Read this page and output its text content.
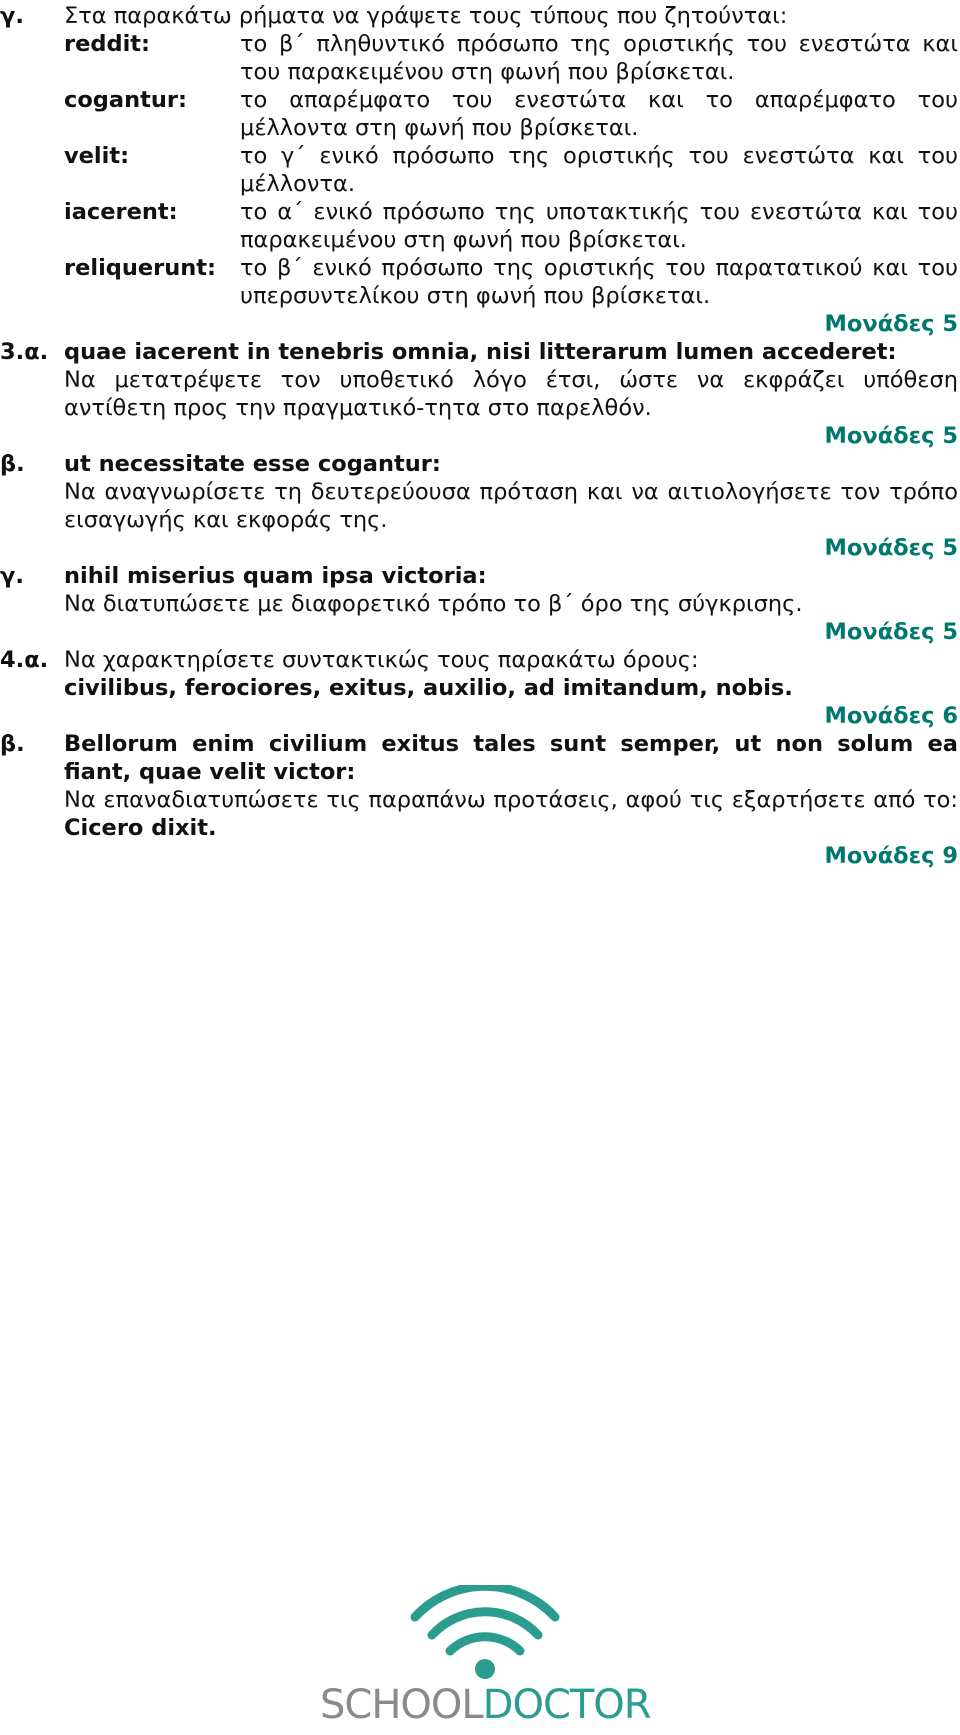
γ. Στα παρακάτω ρήματα να γράψετε τους τύπους που ζητούνται:
reddit:	το β΄ πληθυντικό πρόσωπο της οριστικής του ενεστώτα και
του παρακειμένου στη φωνή που βρίσκεται.
cogantur: το απαρέμφατο του ενεστώτα και το απαρέμφατο του
μέλλοντα στη φωνή που βρίσκεται.
velit:	το γ΄ ενικό πρόσωπο της οριστικής του ενεστώτα και του
μέλλοντα.
iacerent:	το α΄ ενικό πρόσωπο της υποτακτικής του ενεστώτα και του
παρακειμένου στη φωνή που βρίσκεται.
reliquerunt: το β΄ ενικό πρόσωπο της οριστικής του παρατατικού και του
υπερσυντελίκου στη φωνή που βρίσκεται.
Μονάδες 5
3.α. quae iacerent in tenebris omnia, nisi litterarum lumen accederet:
Να μετατρέψετε τον υποθετικό λόγο έτσι, ώστε να εκφράζει υπόθεση
αντίθετη προς την πραγματικό-τητα στο παρελθόν.
Μονάδες 5
β. ut necessitate esse cogantur:
Να αναγνωρίσετε τη δευτερεύουσα πρόταση και να αιτιολογήσετε τον τρόπο
εισαγωγής και εκφοράς της.
Μονάδες 5
γ. nihil miserius quam ipsa victoria:
Να διατυπώσετε με διαφορετικό τρόπο το β΄ όρο της σύγκρισης.
Μονάδες 5
4.α. Να χαρακτηρίσετε συντακτικώς τους παρακάτω όρους:
civilibus, ferociores, exitus, auxilio, ad imitandum, nobis.
Μονάδες 6
β. Bellorum enim civilium exitus tales sunt semper, ut non solum ea
fiant, quae velit victor:
Να επαναδιατυπώσετε τις παραπάνω προτάσεις, αφού τις εξαρτήσετε από το:
Cicero dixit.
Μονάδες 9
SCHOOLDOCTOR
